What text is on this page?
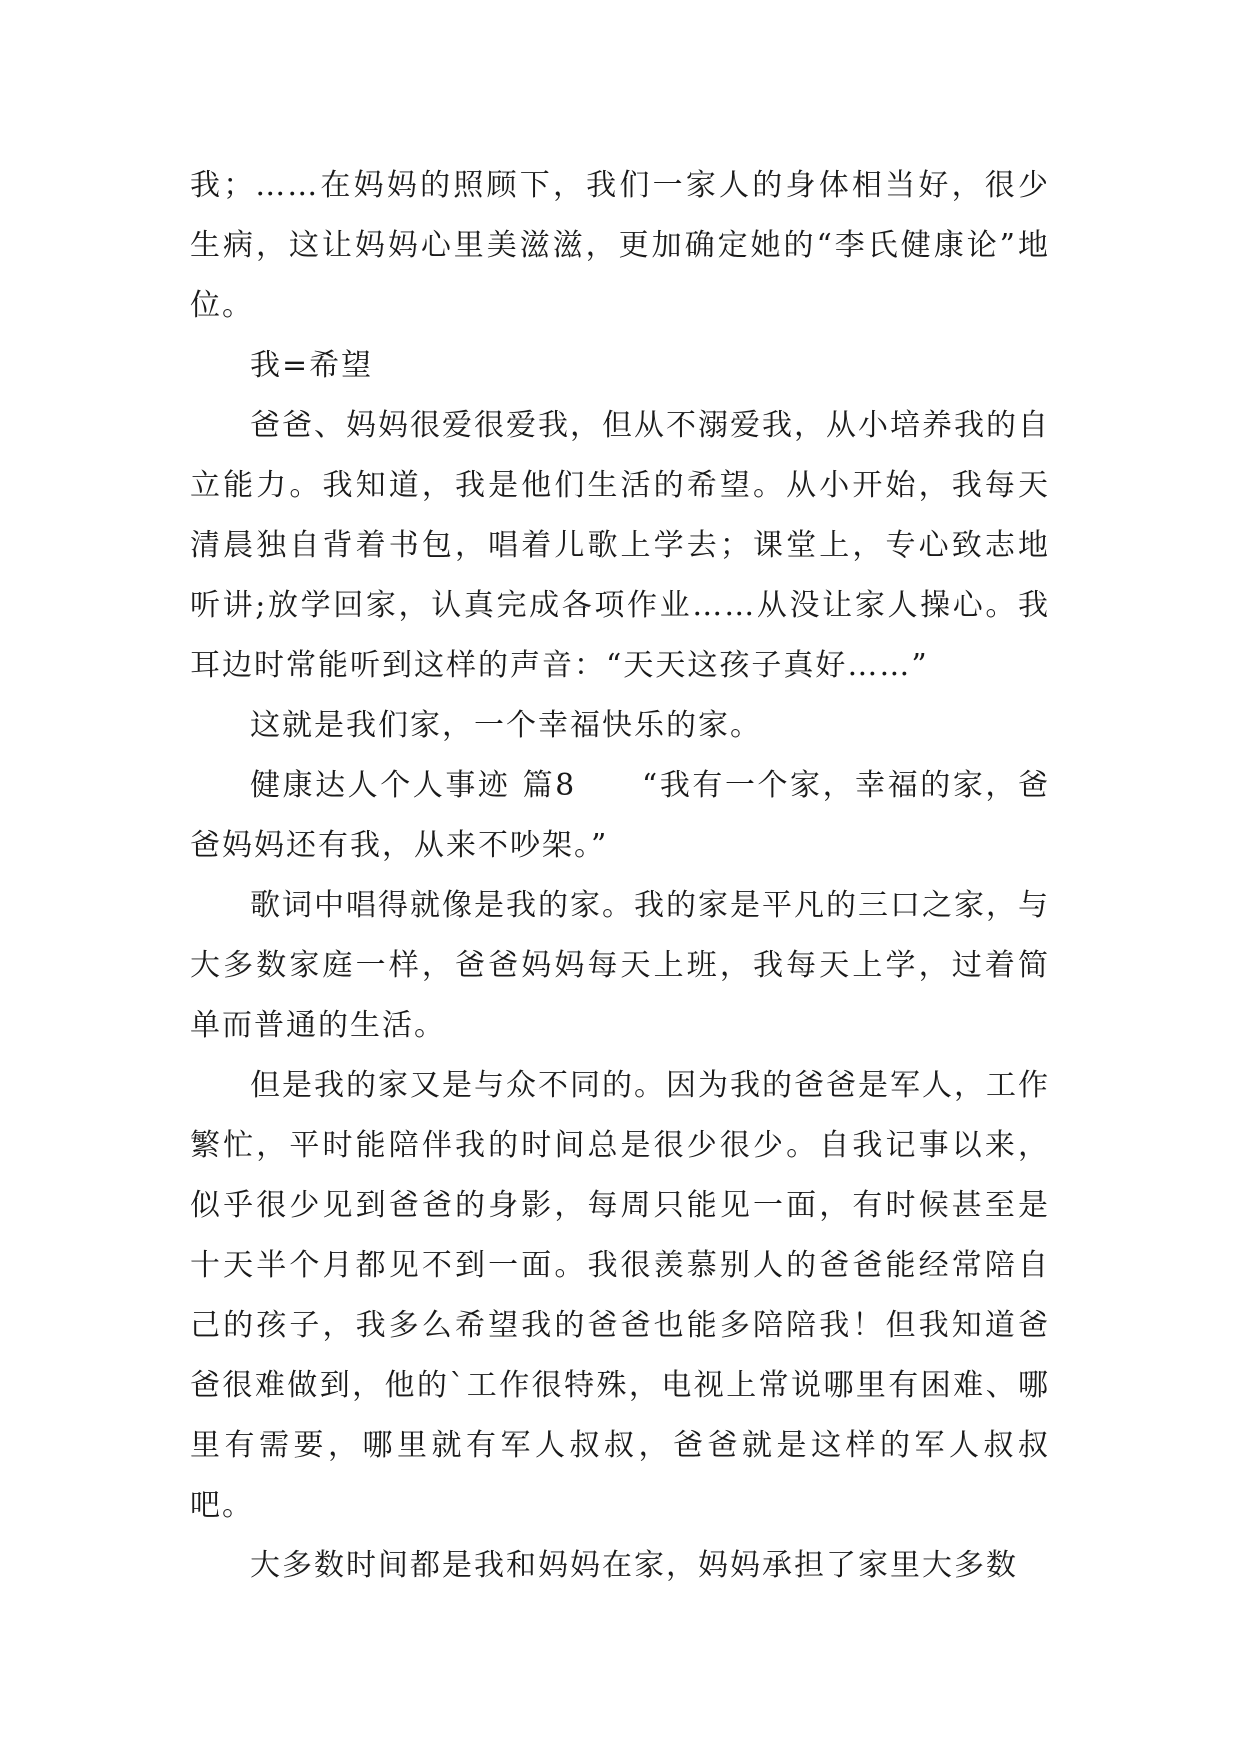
我；……在妈妈的照顾下，我们一家人的身体相当好，很少生病，这让妈妈心里美滋滋，更加确定她的“李氏健康论”地位。

我=希望

爸爸、妈妈很爱很爱我，但从不溺爱我，从小培养我的自立能力。我知道，我是他们生活的希望。从小开始，我每天清晨独自背着书包，唱着儿歌上学去；课堂上，专心致志地听讲;放学回家，认真完成各项作业……从没让家人操心。我耳边时常能听到这样的声音：“天天这孩子真好……”

这就是我们家，一个幸福快乐的家。

健康达人个人事迹 篇8　　“我有一个家，幸福的家，爸爸妈妈还有我，从来不吵架。”

歌词中唱得就像是我的家。我的家是平凡的三口之家，与大多数家庭一样，爸爸妈妈每天上班，我每天上学，过着简单而普通的生活。

但是我的家又是与众不同的。因为我的爸爸是军人，工作繁忙，平时能陪伴我的时间总是很少很少。自我记事以来，似乎很少见到爸爸的身影，每周只能见一面，有时候甚至是十天半个月都见不到一面。我很羡慕别人的爸爸能经常陪自己的孩子，我多么希望我的爸爸也能多陪陪我！但我知道爸爸很难做到，他的`工作很特殊，电视上常说哪里有困难、哪里有需要，哪里就有军人叔叔，爸爸就是这样的军人叔叔吧。

大多数时间都是我和妈妈在家，妈妈承担了家里大多数
